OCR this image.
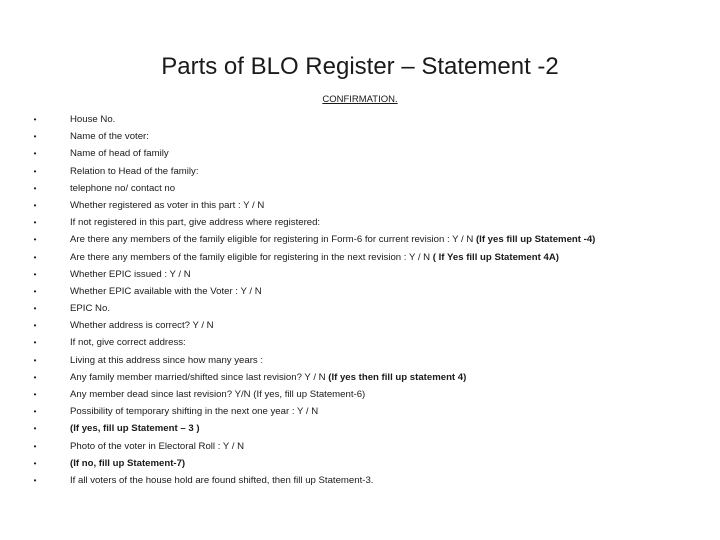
Parts of BLO Register – Statement -2
CONFIRMATION.
•	House No.
•	Name of the voter:
•	Name of head of family
•	Relation to Head of the family:
•	telephone no/ contact no
•	Whether registered as voter in this part : Y / N
•	If not registered in this part, give address where registered:
•	Are there any members of the family eligible for registering in Form-6 for current revision : Y / N (If yes fill up Statement -4)
•	Are there any members of the family eligible for registering in the next revision : Y / N ( If Yes fill up Statement 4A)
•	Whether EPIC issued : Y / N
•	Whether EPIC available with the Voter : Y / N
•	EPIC No.
•	Whether address is correct? Y / N
•	If not, give correct address:
•	Living at this address since how many years :
•	Any family member married/shifted since last revision? Y / N (If yes then fill up statement 4)
•	Any member dead since last revision? Y/N (If yes, fill up Statement-6)
•	Possibility of temporary shifting in the next one year : Y / N
•	(If yes, fill up Statement – 3 )
•	Photo of the voter in Electoral Roll : Y / N
•	(If no, fill up Statement-7)
•	If all voters of the house hold are found shifted, then fill up Statement-3.
